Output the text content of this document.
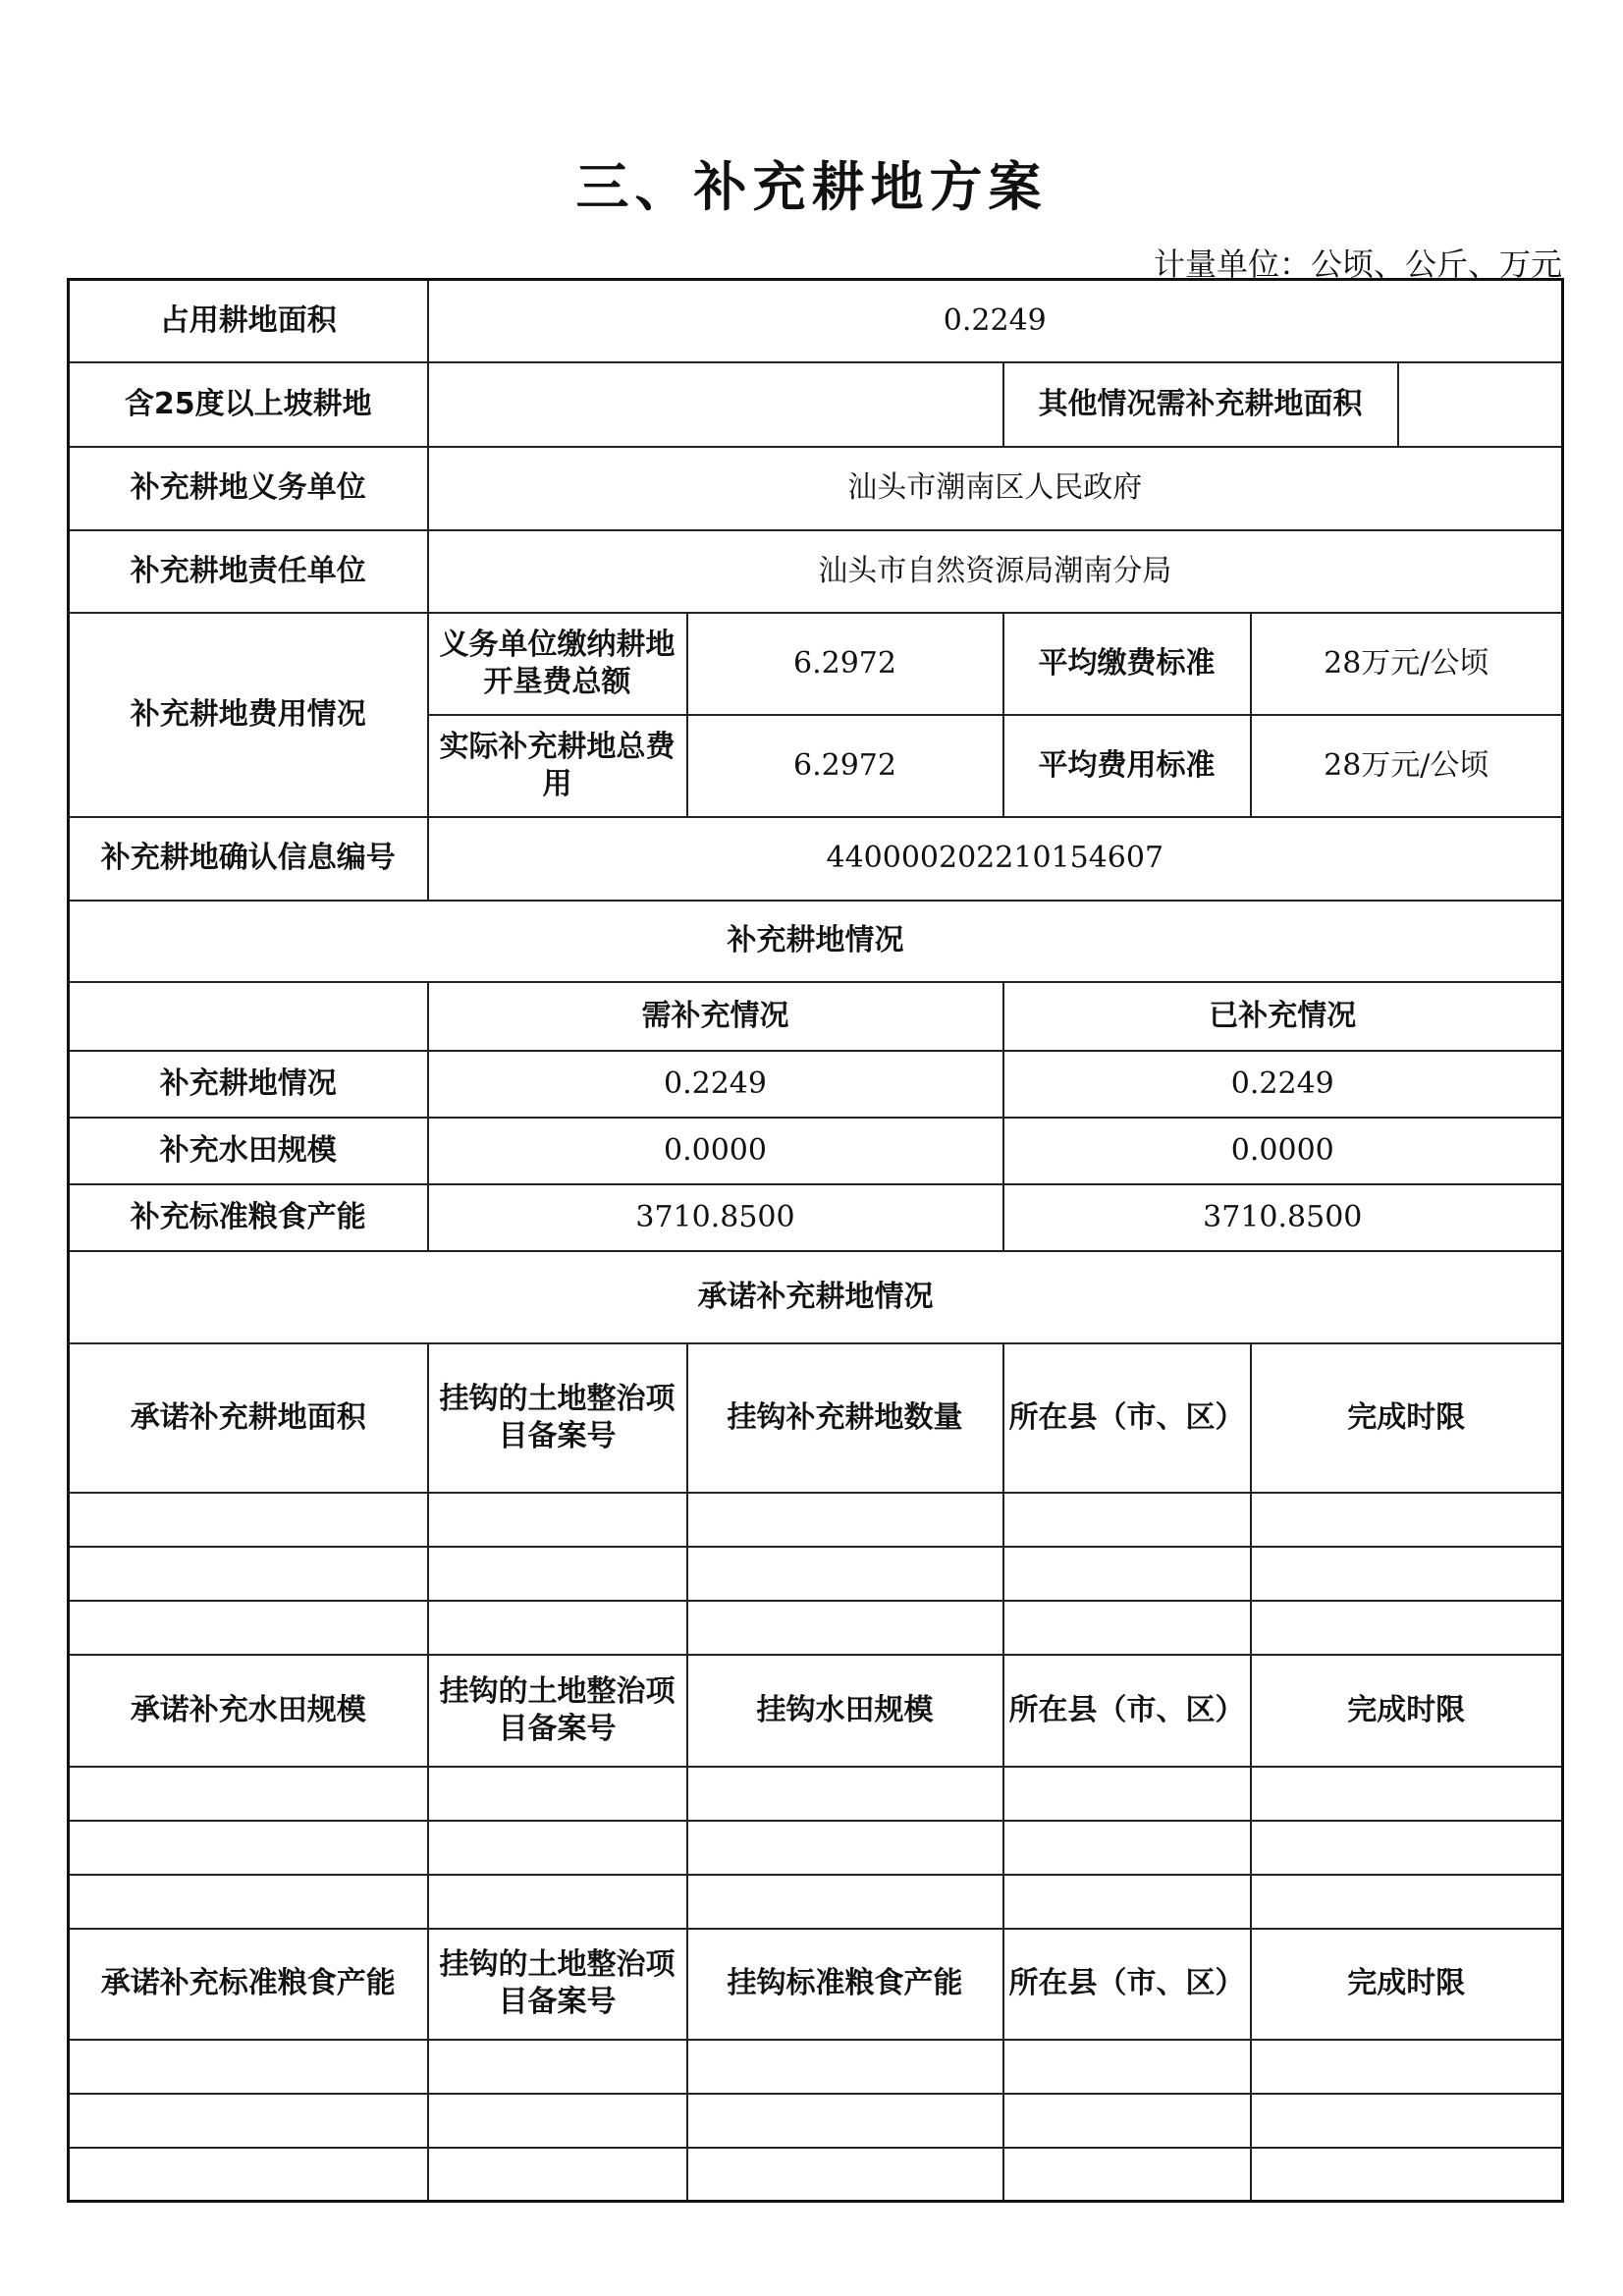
三、补充耕地方案
计量单位：公顷、公斤、万元
占用耕地面积	0.2249			
含25度以上坡耕地			其他情况需补充耕地面积	

补充耕地义务单位	汕头市潮南区人民政府			
补充耕地责任单位	汕头市自然资源局潮南分局			
补充耕地费用情况	义务单位缴纳耕地开垦费总额	6.2972	平均缴费标准	28万元/公顷
	实际补充耕地总费用	6.2972	平均费用标准	28万元/公顷
补充耕地确认信息编号	440000202210154607			
补充耕地情况				
	需补充情况		已补充情况	
补充耕地情况	0.2249		0.2249	
补充水田规模	0.0000		0.0000	
补充标准粮食产能	3710.8500		3710.8500	
承诺补充耕地情况				
承诺补充耕地面积	挂钩的土地整治项目备案号	挂钩补充耕地数量	所在县（市、区）	完成时限

承诺补充水田规模	挂钩的土地整治项目备案号	挂钩水田规模	所在县（市、区）	完成时限

承诺补充标准粮食产能	挂钩的土地整治项目备案号	挂钩标准粮食产能	所在县（市、区）	完成时限
